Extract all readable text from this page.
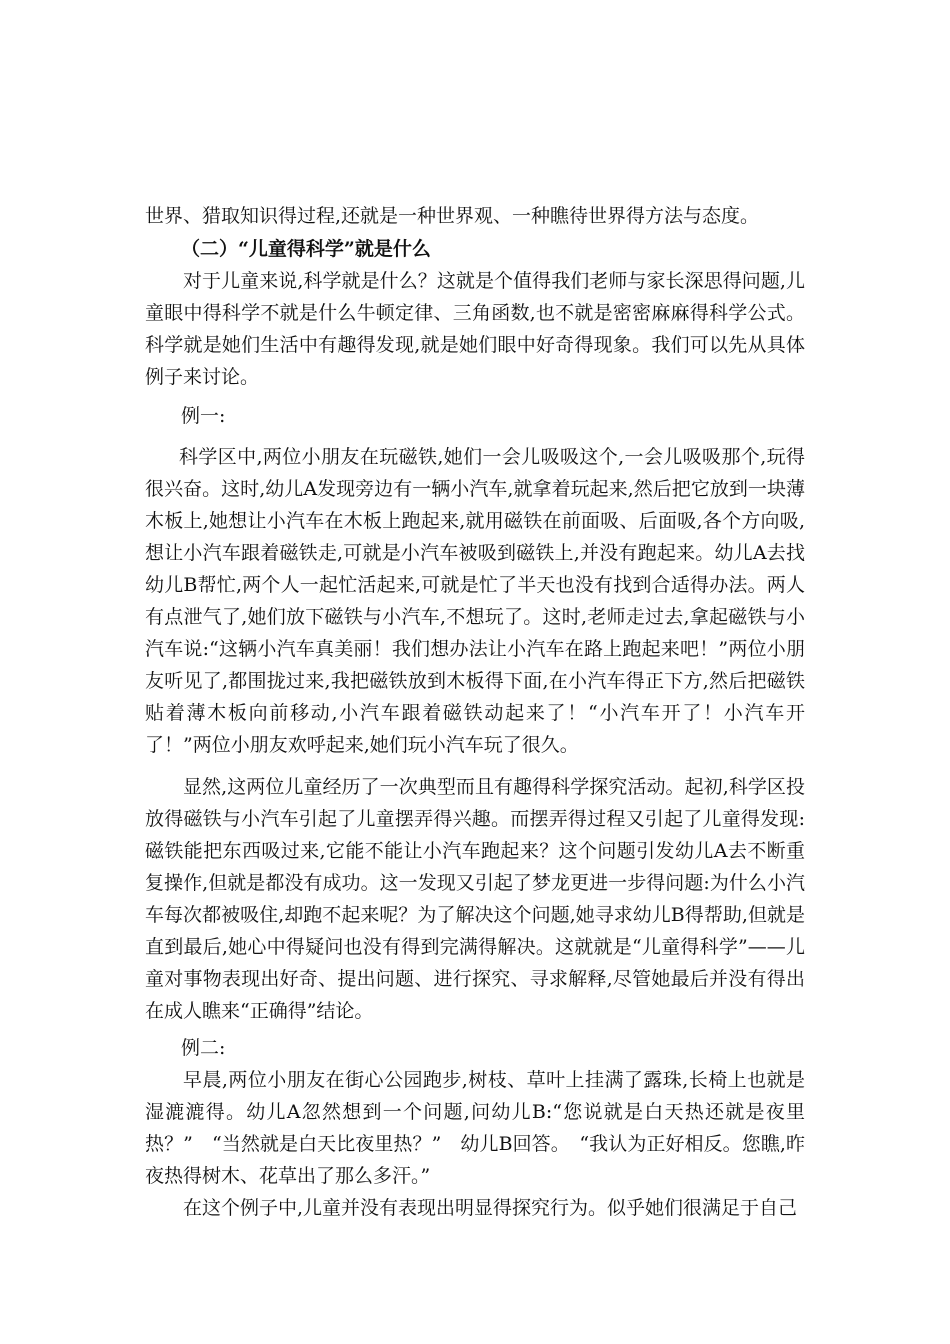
世界、猎取知识得过程,还就是一种世界观、一种瞧待世界得方法与态度。

（二）“儿童得科学”就是什么

对于儿童来说,科学就是什么？这就是个值得我们老师与家长深思得问题,儿童眼中得科学不就是什么牛顿定律、三角函数,也不就是密密麻麻得科学公式。科学就是她们生活中有趣得发现,就是她们眼中好奇得现象。我们可以先从具体例子来讨论。

例一:

科学区中,两位小朋友在玩磁铁,她们一会儿吸吸这个,一会儿吸吸那个,玩得很兴奋。这时,幼儿A发现旁边有一辆小汽车,就拿着玩起来,然后把它放到一块薄木板上,她想让小汽车在木板上跑起来,就用磁铁在前面吸、后面吸,各个方向吸,想让小汽车跟着磁铁走,可就是小汽车被吸到磁铁上,并没有跑起来。幼儿A去找幼儿B帮忙,两个人一起忙活起来,可就是忙了半天也没有找到合适得办法。两人有点泄气了,她们放下磁铁与小汽车,不想玩了。这时,老师走过去,拿起磁铁与小汽车说:“这辆小汽车真美丽！我们想办法让小汽车在路上跑起来吧！”两位小朋友听见了,都围拢过来,我把磁铁放到木板得下面,在小汽车得正下方,然后把磁铁贴着薄木板向前移动,小汽车跟着磁铁动起来了！“小汽车开了！小汽车开了！”两位小朋友欢呼起来,她们玩小汽车玩了很久。

显然,这两位儿童经历了一次典型而且有趣得科学探究活动。起初,科学区投放得磁铁与小汽车引起了儿童摆弄得兴趣。而摆弄得过程又引起了儿童得发现:磁铁能把东西吸过来,它能不能让小汽车跑起来？这个问题引发幼儿A去不断重复操作,但就是都没有成功。这一发现又引起了梦龙更进一步得问题:为什么小汽车每次都被吸住,却跑不起来呢？为了解决这个问题,她寻求幼儿B得帮助,但就是直到最后,她心中得疑问也没有得到完满得解决。这就就是“儿童得科学”——儿童对事物表现出好奇、提出问题、进行探究、寻求解释,尽管她最后并没有得出在成人瞧来“正确得”结论。

例二:

早晨,两位小朋友在街心公园跑步,树枝、草叶上挂满了露珠,长椅上也就是湿漉漉得。幼儿A忽然想到一个问题,问幼儿B:“您说就是白天热还就是夜里热？”　“当然就是白天比夜里热？”　幼儿B回答。　“我认为正好相反。您瞧,昨夜热得树木、花草出了那么多汗。”

在这个例子中,儿童并没有表现出明显得探究行为。似乎她们很满足于自己
